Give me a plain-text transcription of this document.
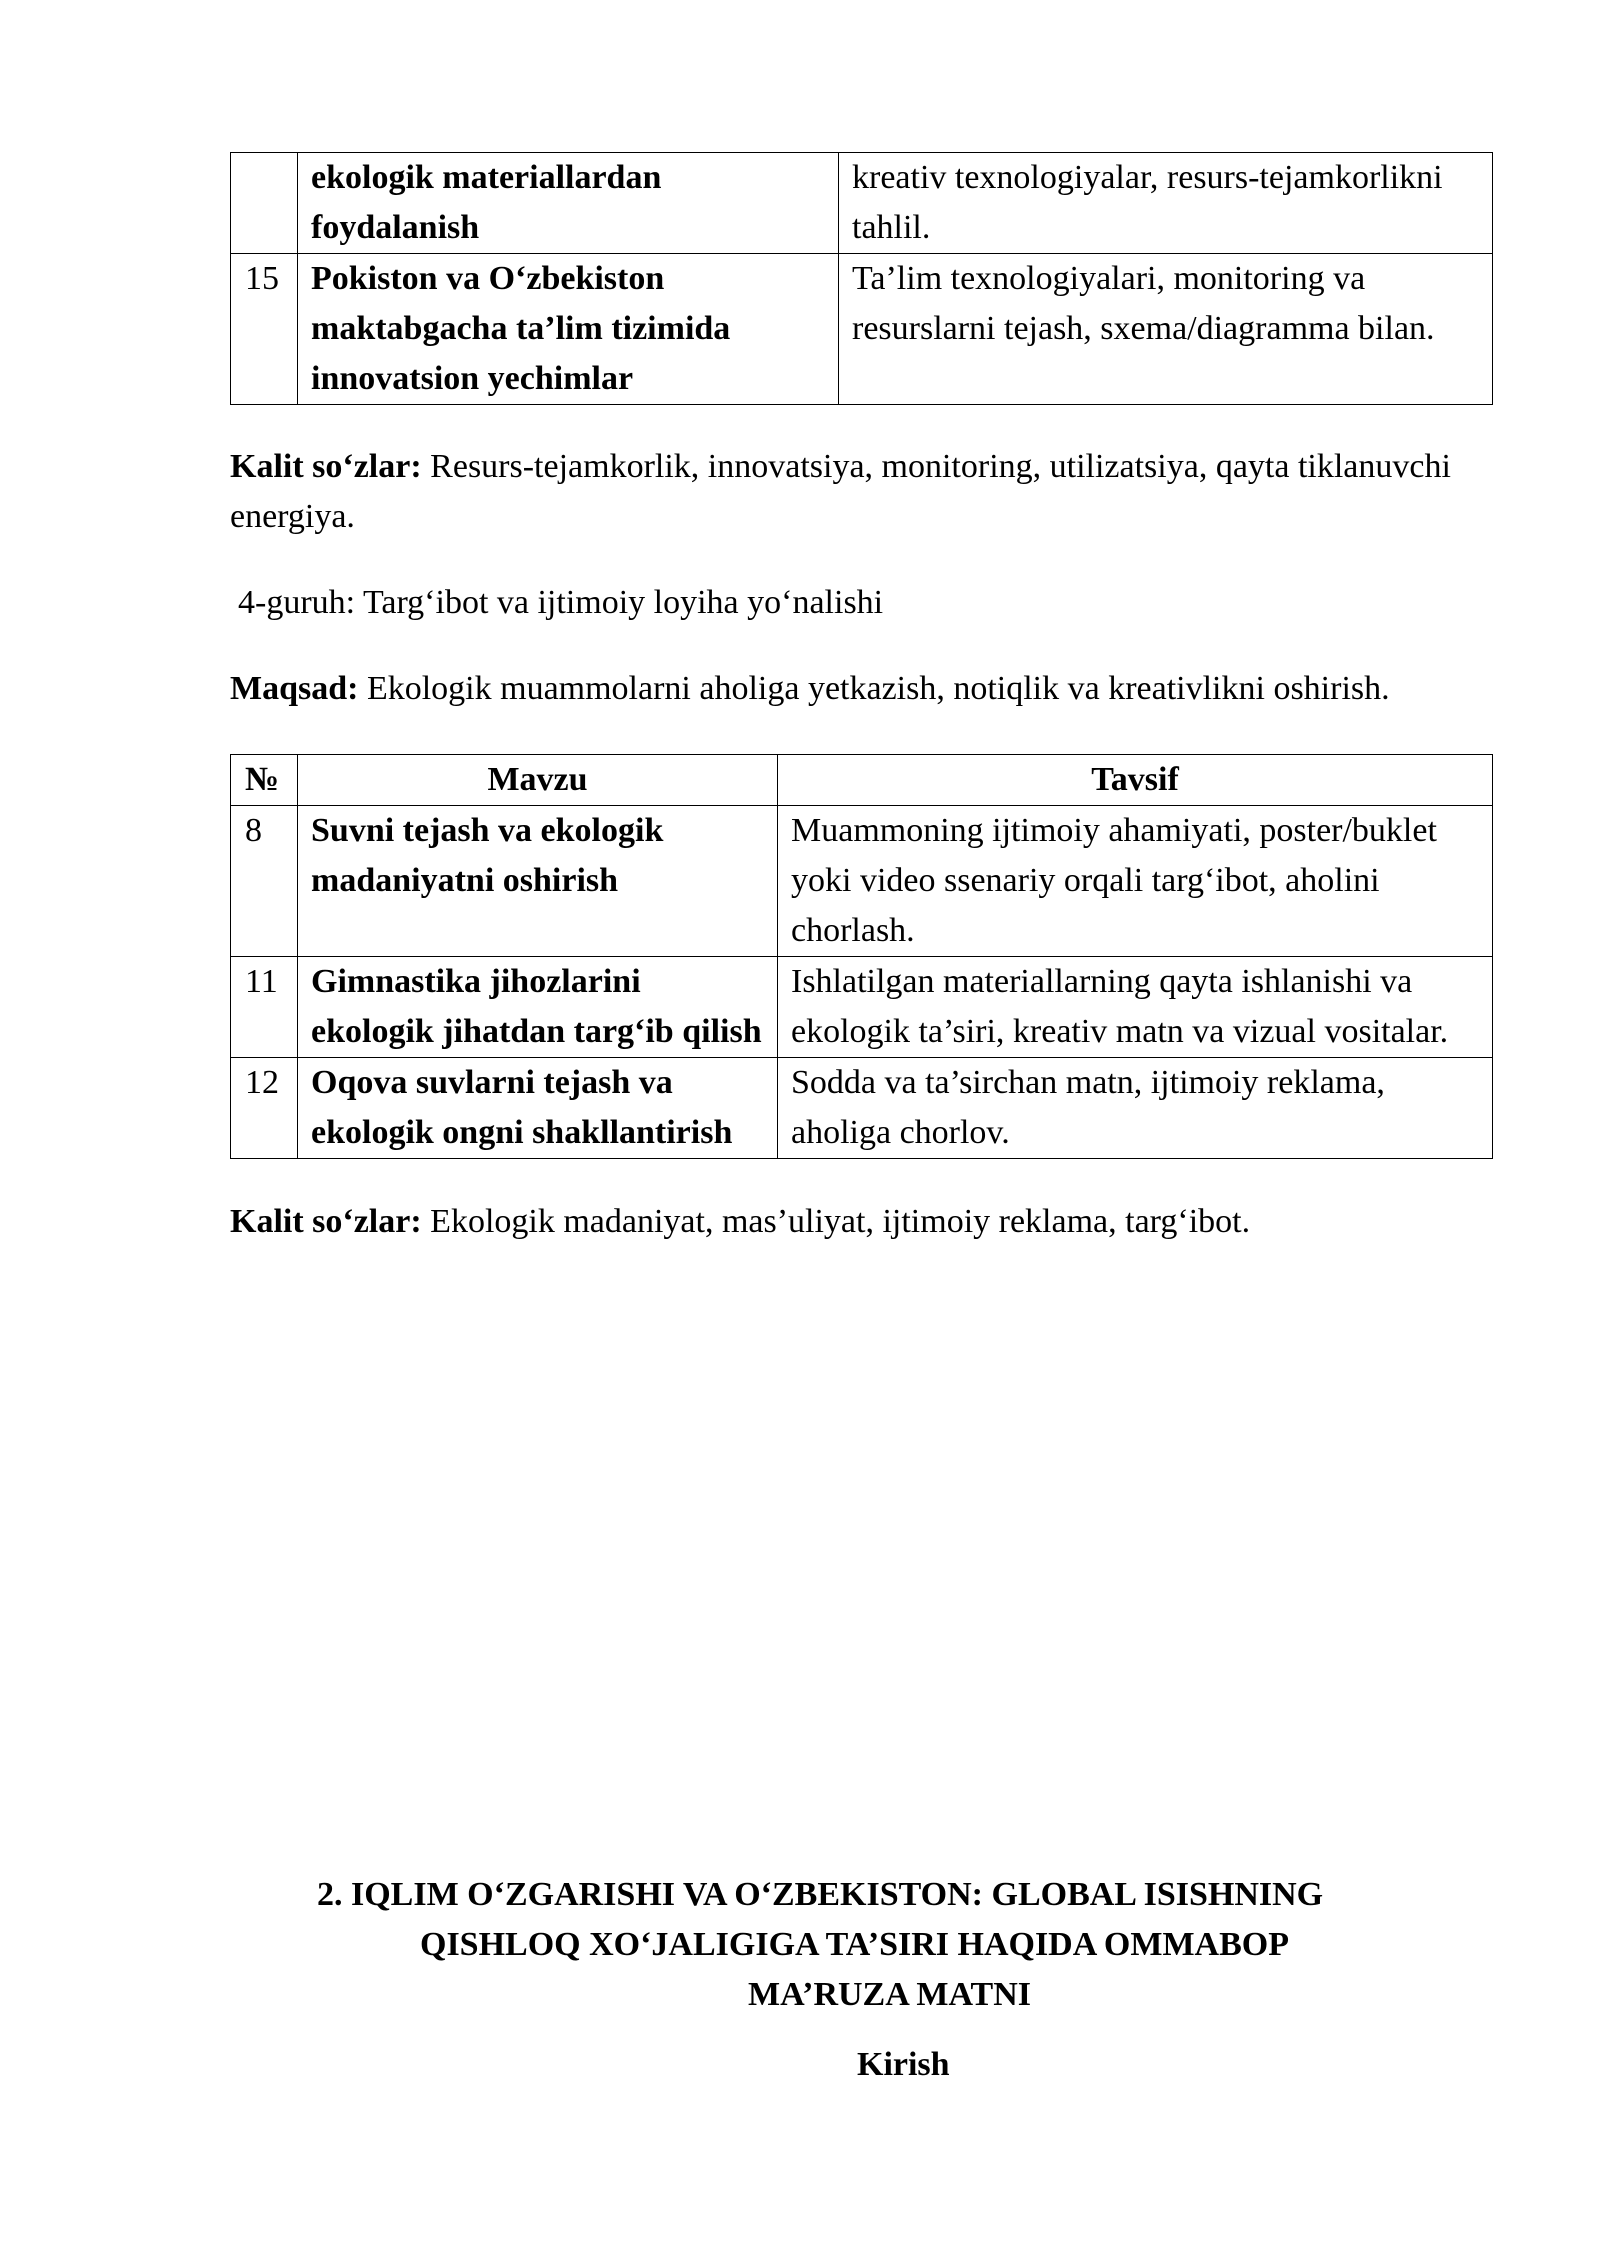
	ekologik materiallardan foydalanish	kreativ texnologiyalar, resurs-tejamkorlikni tahlil.
15	Pokiston va O‘zbekiston maktabgacha ta’lim tizimida innovatsion yechimlar	Ta’lim texnologiyalari, monitoring va resurslarni tejash, sxema/diagramma bilan.

Kalit so‘zlar: Resurs-tejamkorlik, innovatsiya, monitoring, utilizatsiya, qayta tiklanuvchi energiya.

4-guruh: Targ‘ibot va ijtimoiy loyiha yo‘nalishi

Maqsad: Ekologik muammolarni aholiga yetkazish, notiqlik va kreativlikni oshirish.

№	Mavzu	Tavsif
8	Suvni tejash va ekologik madaniyatni oshirish	Muammoning ijtimoiy ahamiyati, poster/buklet yoki video ssenariy orqali targ‘ibot, aholini chorlash.
11	Gimnastika jihozlarini ekologik jihatdan targ‘ib qilish	Ishlatilgan materiallarning qayta ishlanishi va ekologik ta’siri, kreativ matn va vizual vositalar.
12	Oqova suvlarni tejash va ekologik ongni shakllantirish	Sodda va ta’sirchan matn, ijtimoiy reklama, aholiga chorlov.

Kalit so‘zlar: Ekologik madaniyat, mas’uliyat, ijtimoiy reklama, targ‘ibot.

2. IQLIM O‘ZGARISHI VA O‘ZBEKISTON: GLOBAL ISISHNING
QISHLOQ XO‘JALIGIGA TA’SIRI HAQIDA OMMABOP
MA’RUZA MATNI
Kirish
